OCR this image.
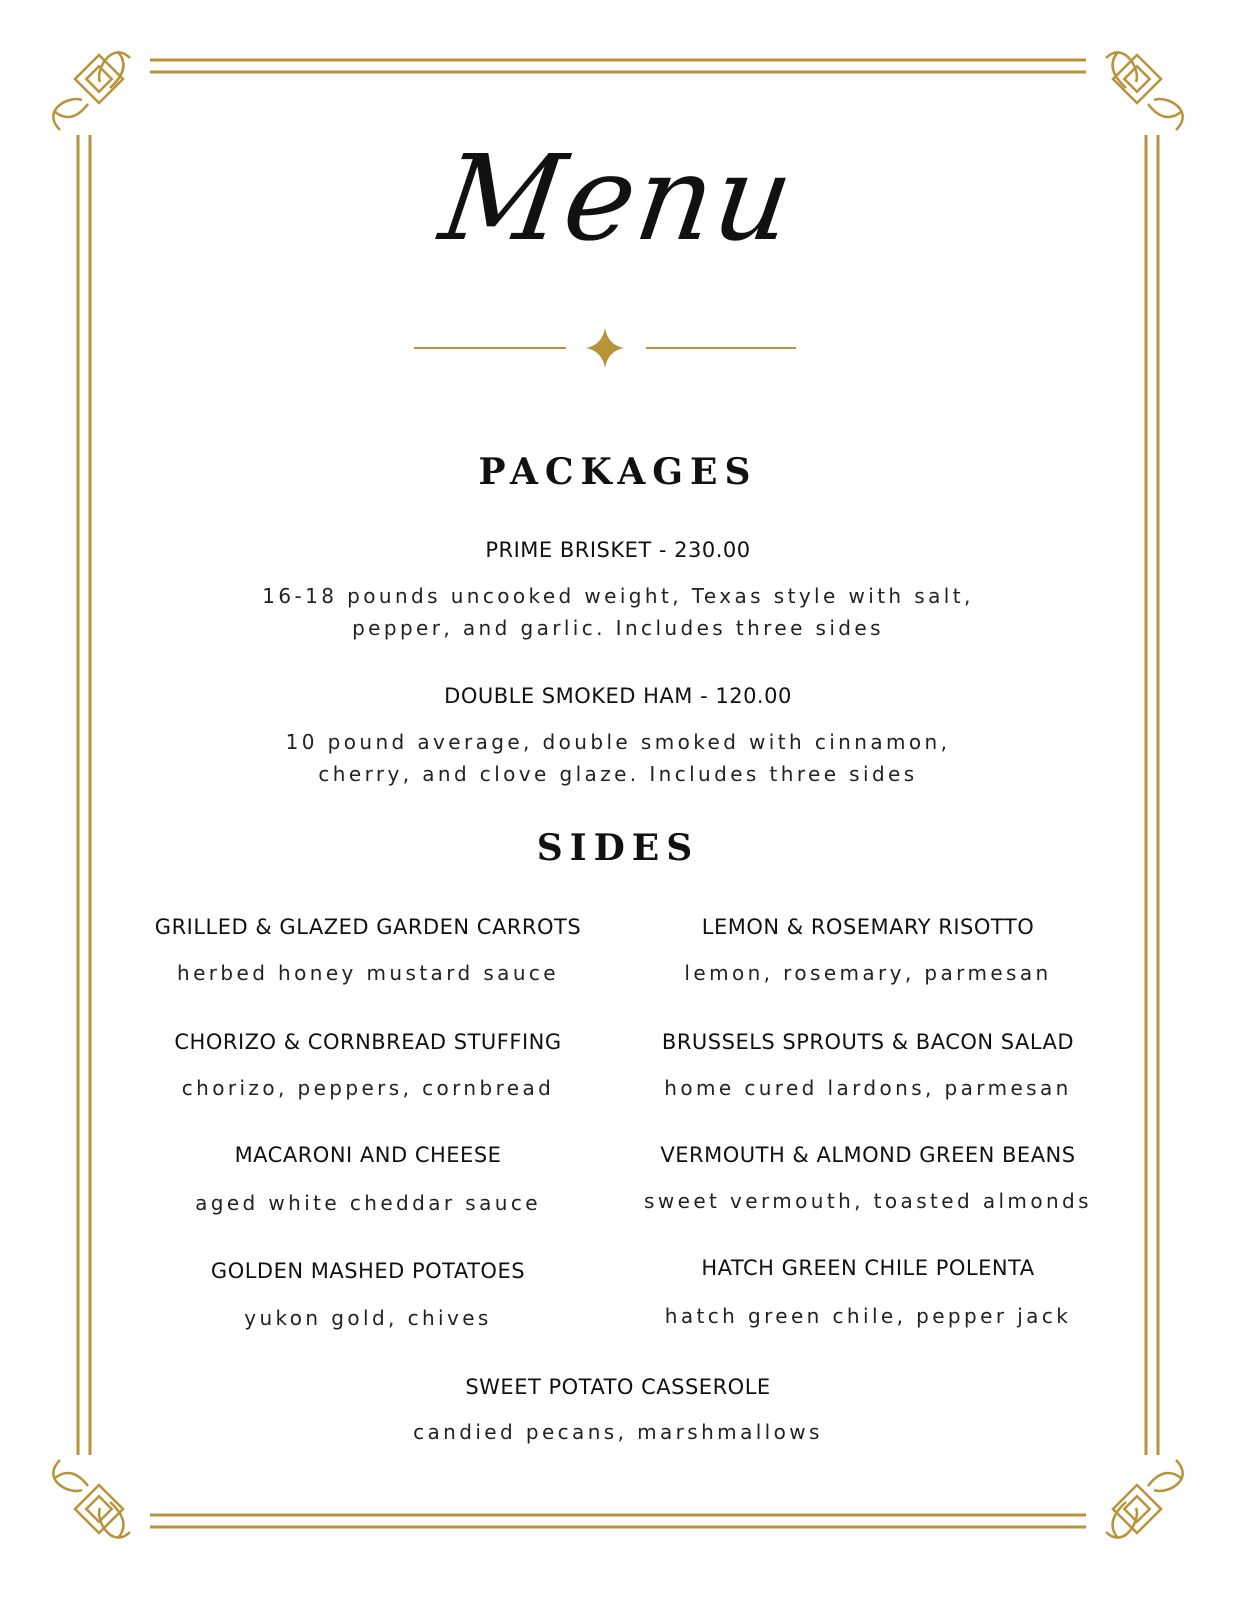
Menu
PACKAGES
PRIME BRISKET - 230.00
16-18 pounds uncooked weight, Texas style with salt,
pepper, and garlic. Includes three sides
DOUBLE SMOKED HAM - 120.00
10 pound average, double smoked with cinnamon,
cherry, and clove glaze. Includes three sides
SIDES
GRILLED & GLAZED GARDEN CARROTS
herbed honey mustard sauce
LEMON & ROSEMARY RISOTTO
lemon, rosemary, parmesan
CHORIZO & CORNBREAD STUFFING
chorizo, peppers, cornbread
BRUSSELS SPROUTS & BACON SALAD
home cured lardons, parmesan
MACARONI AND CHEESE
aged white cheddar sauce
VERMOUTH & ALMOND GREEN BEANS
sweet vermouth, toasted almonds
GOLDEN MASHED POTATOES
yukon gold, chives
HATCH GREEN CHILE POLENTA
hatch green chile, pepper jack
SWEET POTATO CASSEROLE
candied pecans, marshmallows
